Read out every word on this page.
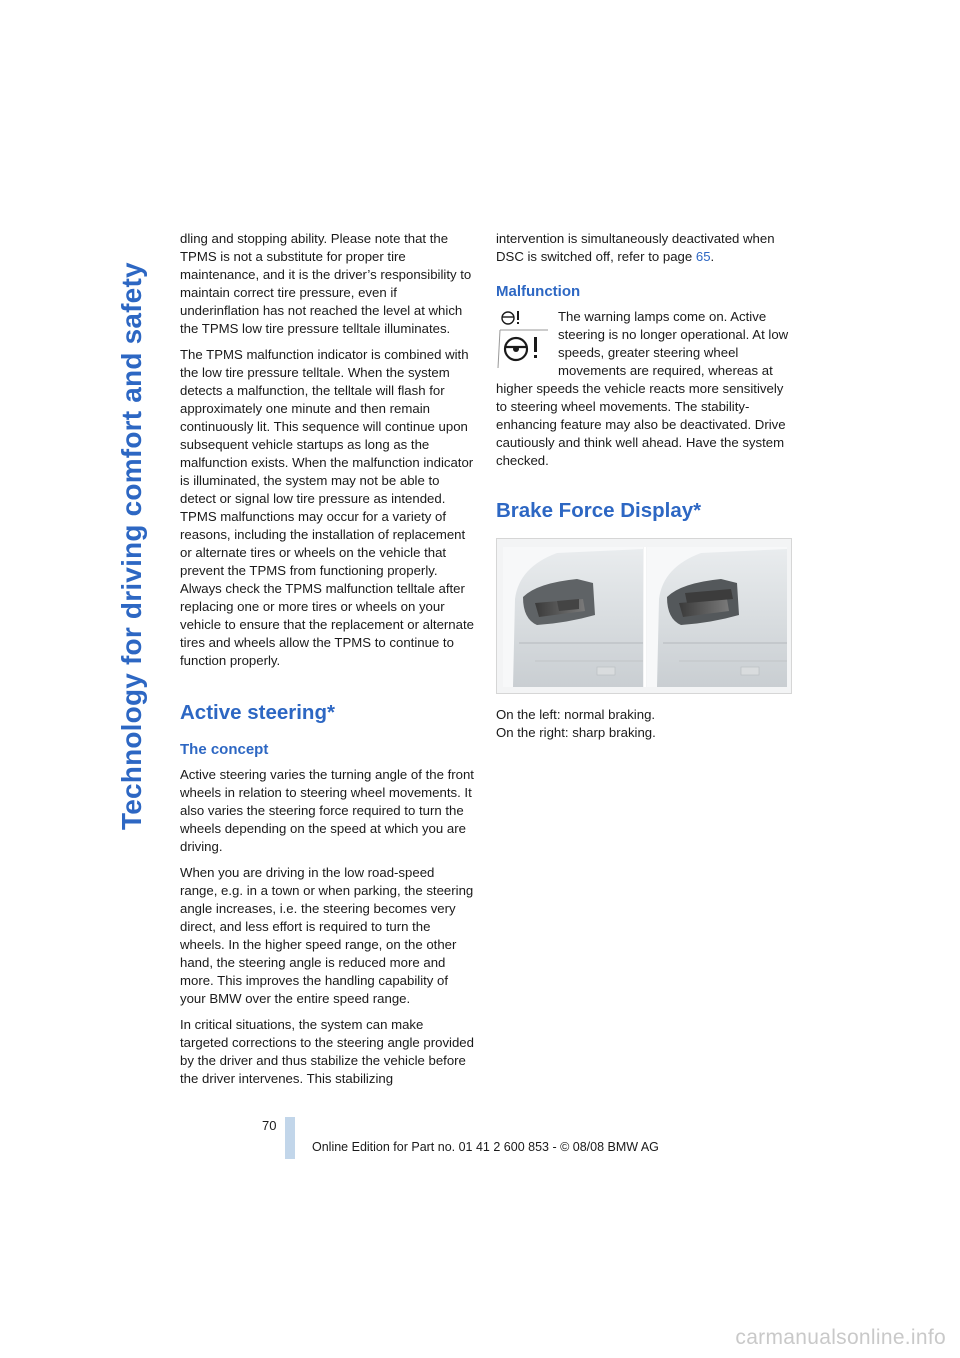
Technology for driving comfort and safety

dling and stopping ability. Please note that the TPMS is not a substitute for proper tire maintenance, and it is the driver’s responsibility to maintain correct tire pressure, even if underinflation has not reached the level at which the TPMS low tire pressure telltale illuminates.

The TPMS malfunction indicator is combined with the low tire pressure telltale. When the system detects a malfunction, the telltale will flash for approximately one minute and then remain continuously lit. This sequence will continue upon subsequent vehicle startups as long as the malfunction exists. When the malfunction indicator is illuminated, the system may not be able to detect or signal low tire pressure as intended. TPMS malfunctions may occur for a variety of reasons, including the installation of replacement or alternate tires or wheels on the vehicle that prevent the TPMS from functioning properly. Always check the TPMS malfunction telltale after replacing one or more tires or wheels on your vehicle to ensure that the replacement or alternate tires and wheels allow the TPMS to continue to function properly.

Active steering*
The concept

Active steering varies the turning angle of the front wheels in relation to steering wheel movements. It also varies the steering force required to turn the wheels depending on the speed at which you are driving.

When you are driving in the low road-speed range, e.g. in a town or when parking, the steering angle increases, i.e. the steering becomes very direct, and less effort is required to turn the wheels. In the higher speed range, on the other hand, the steering angle is reduced more and more. This improves the handling capability of your BMW over the entire speed range.

In critical situations, the system can make targeted corrections to the steering angle provided by the driver and thus stabilize the vehicle before the driver intervenes. This stabilizing

intervention is simultaneously deactivated when DSC is switched off, refer to page 65.

Malfunction

The warning lamps come on. Active steering is no longer operational. At low speeds, greater steering wheel movements are required, whereas at higher speeds the vehicle reacts more sensitively to steering wheel movements. The stability-enhancing feature may also be deactivated. Drive cautiously and think well ahead. Have the system checked.

Brake Force Display*

On the left: normal braking.
On the right: sharp braking.

70
Online Edition for Part no. 01 41 2 600 853 - © 08/08 BMW AG
carmanualsonline.info
